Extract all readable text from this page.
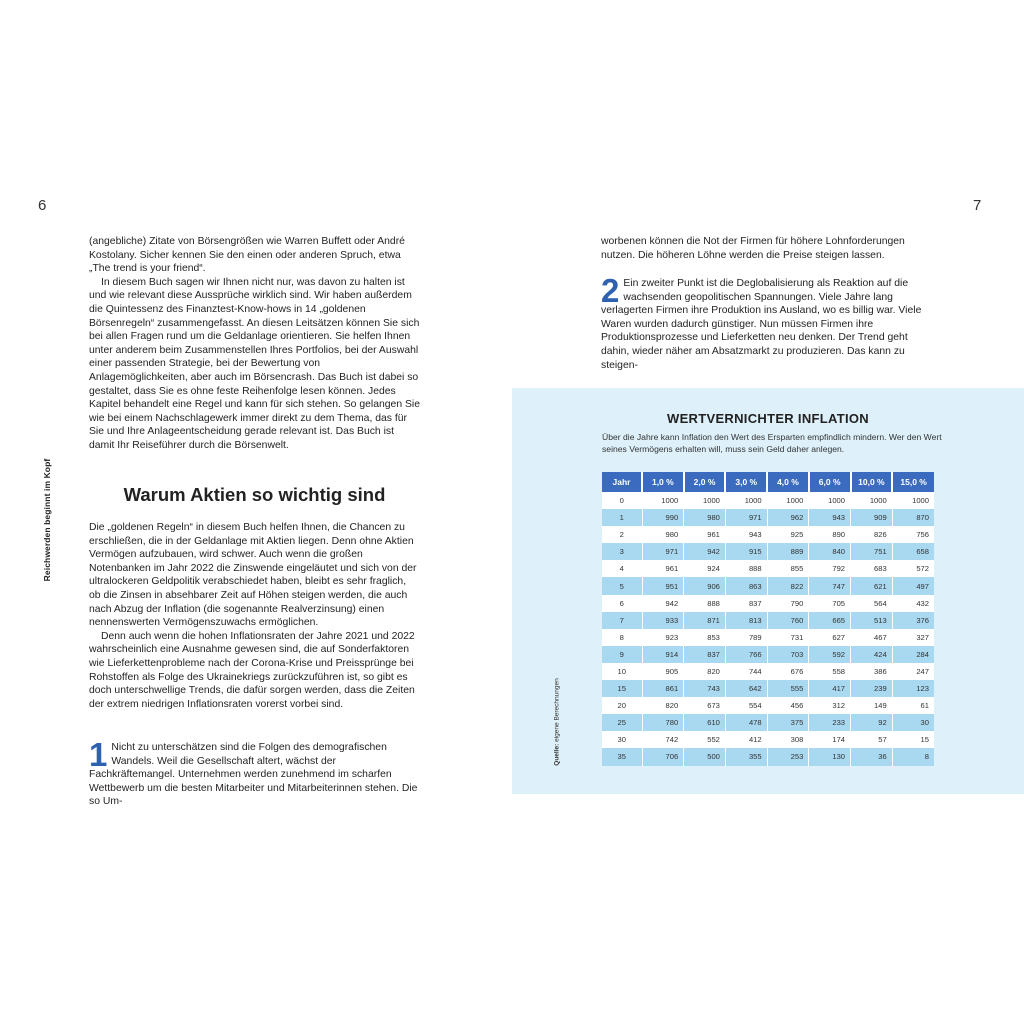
6	7
Reichwerden beginnt im Kopf

(angebliche) Zitate von Börsengrößen wie Warren Buffett oder André Kostolany. Sicher kennen Sie den einen oder anderen Spruch, etwa „The trend is your friend“.

In diesem Buch sagen wir Ihnen nicht nur, was davon zu halten ist und wie relevant diese Aussprüche wirklich sind. Wir haben außerdem die Quintessenz des Finanztest-Know-hows in 14 „goldenen Börsenregeln“ zusammengefasst. An diesen Leitsätzen können Sie sich bei allen Fragen rund um die Geldanlage orientieren. Sie helfen Ihnen unter anderem beim Zusammenstellen Ihres Portfolios, bei der Auswahl einer passenden Strategie, bei der Bewertung von Anlagemöglichkeiten, aber auch im Börsencrash. Das Buch ist dabei so gestaltet, dass Sie es ohne feste Reihenfolge lesen können. Jedes Kapitel behandelt eine Regel und kann für sich stehen. So gelangen Sie wie bei einem Nachschlagewerk immer direkt zu dem Thema, das für Sie und Ihre Anlageentscheidung gerade relevant ist. Das Buch ist damit Ihr Reiseführer durch die Börsenwelt.

Warum Aktien so wichtig sind

Die „goldenen Regeln“ in diesem Buch helfen Ihnen, die Chancen zu erschließen, die in der Geldanlage mit Aktien liegen. Denn ohne Aktien Vermögen aufzubauen, wird schwer. Auch wenn die großen Notenbanken im Jahr 2022 die Zinswende eingeläutet und sich von der ultralockeren Geldpolitik verabschiedet haben, bleibt es sehr fraglich, ob die Zinsen in absehbarer Zeit auf Höhen steigen werden, die auch nach Abzug der Inflation (die sogenannte Realverzinsung) einen nennenswerten Vermögenszuwachs ermöglichen.

Denn auch wenn die hohen Inflationsraten der Jahre 2021 und 2022 wahrscheinlich eine Ausnahme gewesen sind, die auf Sonderfaktoren wie Lieferkettenprobleme nach der Corona-Krise und Preissprünge bei Rohstoffen als Folge des Ukrainekriegs zurückzuführen ist, so gibt es doch unterschwellige Trends, die dafür sorgen werden, dass die Zeiten der extrem niedrigen Inflationsraten vorerst vorbei sind.

1 Nicht zu unterschätzen sind die Folgen des demografischen Wandels. Weil die Gesellschaft altert, wächst der Fachkräftemangel. Unternehmen werden zunehmend im scharfen Wettbewerb um die besten Mitarbeiter und Mitarbeiterinnen stehen. Die so Um-

worbenen können die Not der Firmen für höhere Lohnforderungen nutzen. Die höheren Löhne werden die Preise steigen lassen.

2 Ein zweiter Punkt ist die Deglobalisierung als Reaktion auf die wachsenden geopolitischen Spannungen. Viele Jahre lang verlagerten Firmen ihre Produktion ins Ausland, wo es billig war. Viele Waren wurden dadurch günstiger. Nun müssen Firmen ihre Produktionsprozesse und Lieferketten neu denken. Der Trend geht dahin, wieder näher am Absatzmarkt zu produzieren. Das kann zu steigen-
WERTVERNICHTER INFLATION
Über die Jahre kann Inflation den Wert des Ersparten empfindlich mindern. Wer den Wert seines Vermögens erhalten will, muss sein Geld daher anlegen.
Quelle: eigene Berechnungen
Jahr	1,0 %	2,0 %	3,0 %	4,0 %	6,0 %	10,0 %	15,0 %
0	1000	1000	1000	1000	1000	1000	1000
1	990	980	971	962	943	909	870
2	980	961	943	925	890	826	756
3	971	942	915	889	840	751	658
4	961	924	888	855	792	683	572
5	951	906	863	822	747	621	497
6	942	888	837	790	705	564	432
7	933	871	813	760	665	513	376
8	923	853	789	731	627	467	327
9	914	837	766	703	592	424	284
10	905	820	744	676	558	386	247
15	861	743	642	555	417	239	123
20	820	673	554	456	312	149	61
25	780	610	478	375	233	92	30
30	742	552	412	308	174	57	15
35	706	500	355	253	130	36	8
